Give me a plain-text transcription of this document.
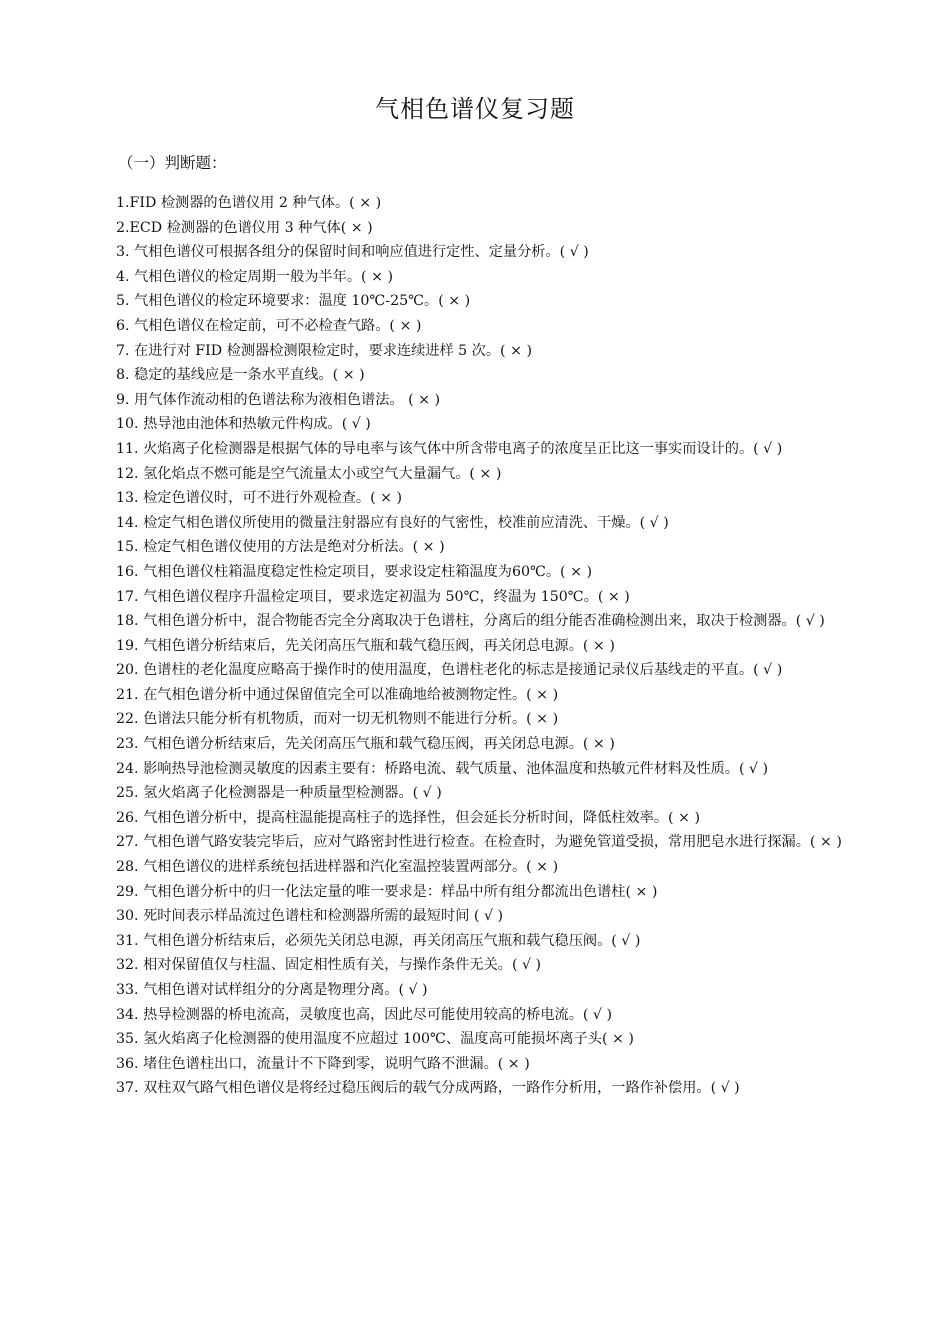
气相色谱仪复习题
（一）判断题：
1.FID 检测器的色谱仪用 2 种气体。( × )
2.ECD 检测器的色谱仪用 3 种气体( × )
3. 气相色谱仪可根据各组分的保留时间和响应值进行定性、定量分析。( √ )
4. 气相色谱仪的检定周期一般为半年。( × )
5. 气相色谱仪的检定环境要求：温度 10℃-25℃。( × )
6. 气相色谱仪在检定前，可不必检查气路。( × )
7. 在进行对 FID 检测器检测限检定时，要求连续进样 5 次。( × )
8. 稳定的基线应是一条水平直线。( × )
9. 用气体作流动相的色谱法称为液相色谱法。 ( × )
10. 热导池由池体和热敏元件构成。( √ )
11. 火焰离子化检测器是根据气体的导电率与该气体中所含带电离子的浓度呈正比这一事实而设计的。( √ )
12. 氢化焰点不燃可能是空气流量太小或空气大量漏气。( × )
13. 检定色谱仪时，可不进行外观检查。( × )
14. 检定气相色谱仪所使用的微量注射器应有良好的气密性，校准前应清洗、干燥。( √ )
15. 检定气相色谱仪使用的方法是绝对分析法。( × )
16. 气相色谱仪柱箱温度稳定性检定项目，要求设定柱箱温度为60℃。( × )
17. 气相色谱仪程序升温检定项目，要求选定初温为 50℃，终温为 150℃。( × )
18. 气相色谱分析中，混合物能否完全分离取决于色谱柱，分离后的组分能否准确检测出来，取决于检测器。( √ )
19. 气相色谱分析结束后，先关闭高压气瓶和载气稳压阀，再关闭总电源。( × )
20. 色谱柱的老化温度应略高于操作时的使用温度，色谱柱老化的标志是接通记录仪后基线走的平直。( √ )
21. 在气相色谱分析中通过保留值完全可以准确地给被测物定性。( × )
22. 色谱法只能分析有机物质，而对一切无机物则不能进行分析。( × )
23. 气相色谱分析结束后，先关闭高压气瓶和载气稳压阀，再关闭总电源。( × )
24. 影响热导池检测灵敏度的因素主要有：桥路电流、载气质量、池体温度和热敏元件材料及性质。( √ )
25. 氢火焰离子化检测器是一种质量型检测器。( √ )
26. 气相色谱分析中，提高柱温能提高柱子的选择性，但会延长分析时间，降低柱效率。( × )
27. 气相色谱气路安装完毕后，应对气路密封性进行检查。在检查时，为避免管道受损，常用肥皂水进行探漏。( × )
28. 气相色谱仪的进样系统包括进样器和汽化室温控装置两部分。( × )
29. 气相色谱分析中的归一化法定量的唯一要求是：样品中所有组分都流出色谱柱( × )
30. 死时间表示样品流过色谱柱和检测器所需的最短时间 ( √ )
31. 气相色谱分析结束后，必须先关闭总电源，再关闭高压气瓶和载气稳压阀。( √ )
32. 相对保留值仅与柱温、固定相性质有关，与操作条件无关。( √ )
33. 气相色谱对试样组分的分离是物理分离。( √ )
34. 热导检测器的桥电流高，灵敏度也高，因此尽可能使用较高的桥电流。( √ )
35. 氢火焰离子化检测器的使用温度不应超过 100℃、温度高可能损坏离子头( × )
36. 堵住色谱柱出口，流量计不下降到零，说明气路不泄漏。( × )
37. 双柱双气路气相色谱仪是将经过稳压阀后的载气分成两路，一路作分析用，一路作补偿用。( √ )
